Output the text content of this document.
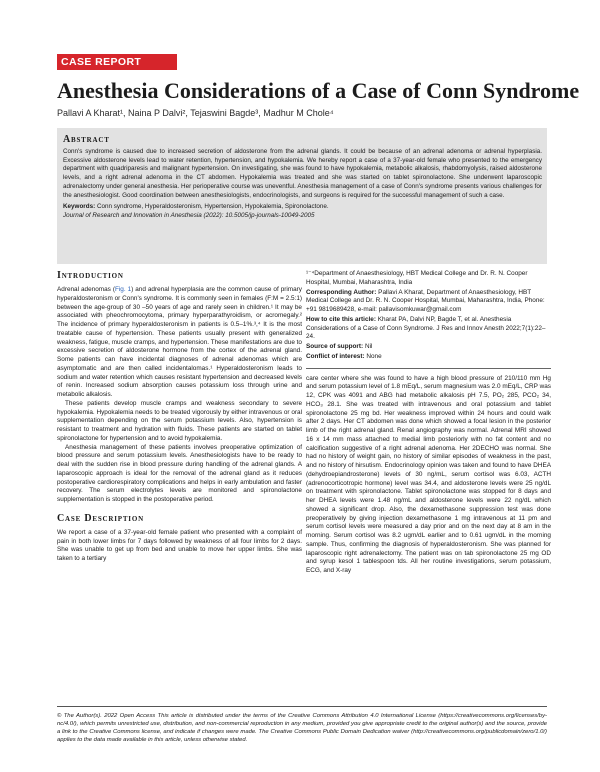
CASE REPORT
Anesthesia Considerations of a Case of Conn Syndrome
Pallavi A Kharat¹, Naina P Dalvi², Tejaswini Bagde³, Madhur M Chole⁴
Abstract

Conn's syndrome is caused due to increased secretion of aldosterone from the adrenal glands. It could be because of an adrenal adenoma or adrenal hyperplasia. Excessive aldosterone levels lead to water retention, hypertension, and hypokalemia. We hereby report a case of a 37-year-old female who presented to the emergency department with quadriparesis and malignant hypertension. On investigating, she was found to have hypokalemia, metabolic alkalosis, rhabdomyolysis, raised aldosterone levels, and a right adrenal adenoma in the CT abdomen. Hypokalemia was treated and she was started on tablet spironolactone. She underwent laparoscopic adrenalectomy under general anesthesia. Her perioperative course was uneventful. Anesthesia management of a case of Conn's syndrome presents various challenges for the anesthesiologist. Good coordination between anesthesiologists, endocrinologists, and surgeons is required for the successful management of such a case.

Keywords: Conn syndrome, Hyperaldosteronism, Hypertension, Hypokalemia, Spironolactone.

Journal of Research and Innovation in Anesthesia (2022): 10.5005/jp-journals-10049-2005

Introduction

Adrenal adenomas (Fig. 1) and adrenal hyperplasia are the common cause of primary hyperaldosteronism or Conn's syndrome. It is commonly seen in females (F:M = 2.5:1) between the age-group of 30 –50 years of age and rarely seen in children.¹ It may be associated with pheochromocytoma, primary hyperparathyroidism, or acromegaly.² The incidence of primary hyperaldosteronism in patients is 0.5–1%.³,⁴ It is the most treatable cause of hypertension. These patients usually present with generalized weakness, fatigue, muscle cramps, and hypertension. These manifestations are due to excessive secretion of aldosterone hormone from the cortex of the adrenal gland. Some patients can have incidental diagnoses of adrenal adenomas which are asymptomatic and are then called incidentalomas.¹ Hyperaldosteronism leads to sodium and water retention which causes resistant hypertension and decreased levels of renin. Increased sodium absorption causes potassium loss through urine and metabolic alkalosis.

These patients develop muscle cramps and weakness secondary to severe hypokalemia. Hypokalemia needs to be treated vigorously by either intravenous or oral supplementation depending on the serum potassium levels. Also, hypertension is resistant to treatment and hydration with fluids. These patients are started on tablet spironolactone for hypertension and to avoid hypokalemia.

Anesthesia management of these patients involves preoperative optimization of blood pressure and serum potassium levels. Anesthesiologists have to be ready to deal with the sudden rise in blood pressure during handling of the adrenal glands. A laparoscopic approach is ideal for the removal of the adrenal gland as it reduces postoperative cardiorespiratory complications and helps in early ambulation and faster recovery. The serum electrolytes levels are monitored and spironolactone supplementation is stopped in the postoperative period.

Case Description

We report a case of a 37-year-old female patient who presented with a complaint of pain in both lower limbs for 7 days followed by weakness of all four limbs for 2 days. She was unable to get up from bed and unable to move her upper limbs. She was taken to a tertiary

¹⁻⁴Department of Anaesthesiology, HBT Medical College and Dr. R. N. Cooper Hospital, Mumbai, Maharashtra, India
Corresponding Author: Pallavi A Kharat, Department of Anaesthesiology, HBT Medical College and Dr. R. N. Cooper Hospital, Mumbai, Maharashtra, India, Phone: +91 9819689428, e-mail: pallavisomkuwar@gmail.com
How to cite this article: Kharat PA, Dalvi NP, Bagde T, et al. Anesthesia Considerations of a Case of Conn Syndrome. J Res and Innov Anesth 2022;7(1):22–24.
Source of support: Nil
Conflict of interest: None

care center where she was found to have a high blood pressure of 210/110 mm Hg and serum potassium level of 1.8 mEq/L, serum magnesium was 2.0 mEq/L, CRP was 12, CPK was 4091 and ABG had metabolic alkalosis pH 7.5, PO₂ 285, PCO₂ 34, HCO₃ 28.1. She was treated with intravenous and oral potassium and tablet spironolactone 25 mg bd. Her weakness improved within 24 hours and could walk after 2 days. Her CT abdomen was done which showed a focal lesion in the posterior limb of the right adrenal gland. Renal angiography was normal. Adrenal MRI showed 16 x 14 mm mass attached to medial limb posteriorly with no fat content and no calcification suggestive of a right adrenal adenoma. Her 2DECHO was normal. She had no history of weight gain, no history of similar episodes of weakness in the past, and no history of hirsutism. Endocrinology opinion was taken and found to have DHEA (dehydroepiandrosterone) levels of 30 ng/mL, serum cortisol was 6.03, ACTH (adrenocorticotropic hormone) level was 34.4, and aldosterone levels were 25 ng/dL on treatment with spironolactone. Tablet spironolactone was stopped for 8 days and her DHEA levels were 1.48 ng/mL and aldosterone levels were 22 ng/dL which showed a significant drop. Also, the dexamethasone suppression test was done preoperatively by giving injection dexamethasone 1 mg intravenous at 11 pm and serum cortisol levels were measured a day prior and on the next day at 8 am in the morning. Serum cortisol was 8.2 ugm/dL earlier and to 0.61 ugm/dL in the morning sample. Thus, confirming the diagnosis of hyperaldosteronism. She was planned for laparoscopic right adrenalectomy. The patient was on tab spironolactone 25 mg OD and syrup kesol 1 tablespoon tds. All her routine investigations, serum potassium, ECG, and X-ray

© The Author(s). 2022 Open Access This article is distributed under the terms of the Creative Commons Attribution 4.0 International License (https://creativecommons.org/licenses/by-nc/4.0/), which permits unrestricted use, distribution, and non-commercial reproduction in any medium, provided you give appropriate credit to the original author(s) and the source, provide a link to the Creative Commons license, and indicate if changes were made. The Creative Commons Public Domain Dedication waiver (http://creativecommons.org/publicdomain/zero/1.0/) applies to the data made available in this article, unless otherwise stated.
